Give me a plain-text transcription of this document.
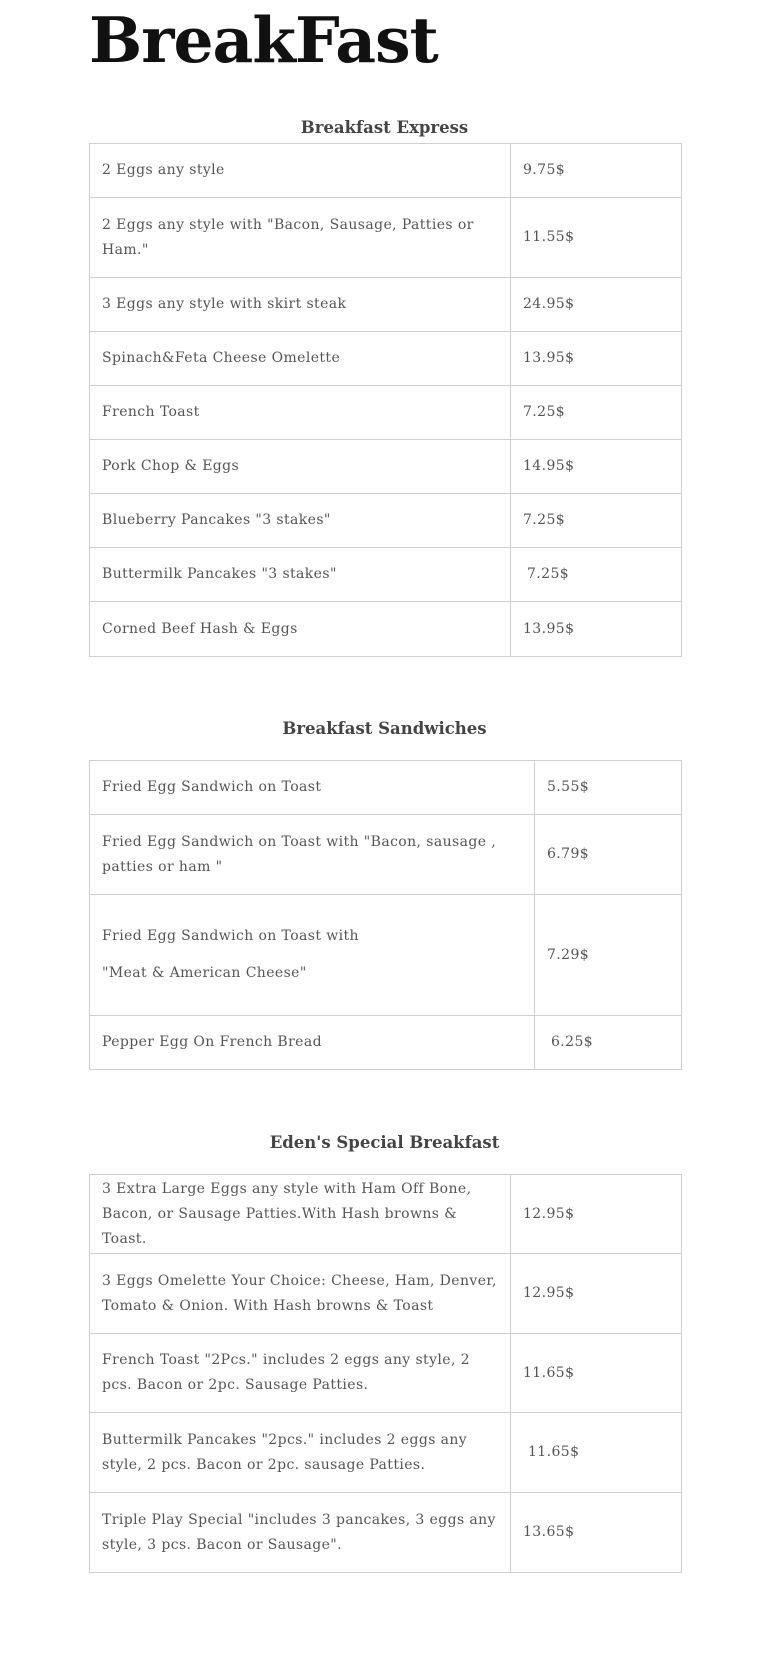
BreakFast
Breakfast Express
2 Eggs any style	9.75$
2 Eggs any style with "Bacon, Sausage, Patties or Ham."	11.55$
3 Eggs any style with skirt steak	24.95$
Spinach&Feta Cheese Omelette	13.95$
French Toast	7.25$
Pork Chop & Eggs	14.95$
Blueberry Pancakes "3 stakes"	7.25$
Buttermilk Pancakes "3 stakes"	7.25$
Corned Beef Hash & Eggs	13.95$
Breakfast Sandwiches
Fried Egg Sandwich on Toast	5.55$
Fried Egg Sandwich on Toast with "Bacon, sausage , patties or ham "	6.79$
Fried Egg Sandwich on Toast with
"Meat & American Cheese"	7.29$
Pepper Egg On French Bread	6.25$
Eden's Special Breakfast
3 Extra Large Eggs any style with Ham Off Bone, Bacon, or Sausage Patties.With Hash browns & Toast.	12.95$
3 Eggs Omelette Your Choice: Cheese, Ham, Denver, Tomato & Onion. With Hash browns & Toast	12.95$
French Toast "2Pcs." includes 2 eggs any style, 2 pcs. Bacon or 2pc. Sausage Patties.	11.65$
Buttermilk Pancakes "2pcs." includes 2 eggs any style, 2 pcs. Bacon or 2pc. sausage Patties.	11.65$
Triple Play Special "includes 3 pancakes, 3 eggs any style, 3 pcs. Bacon or Sausage".	13.65$
